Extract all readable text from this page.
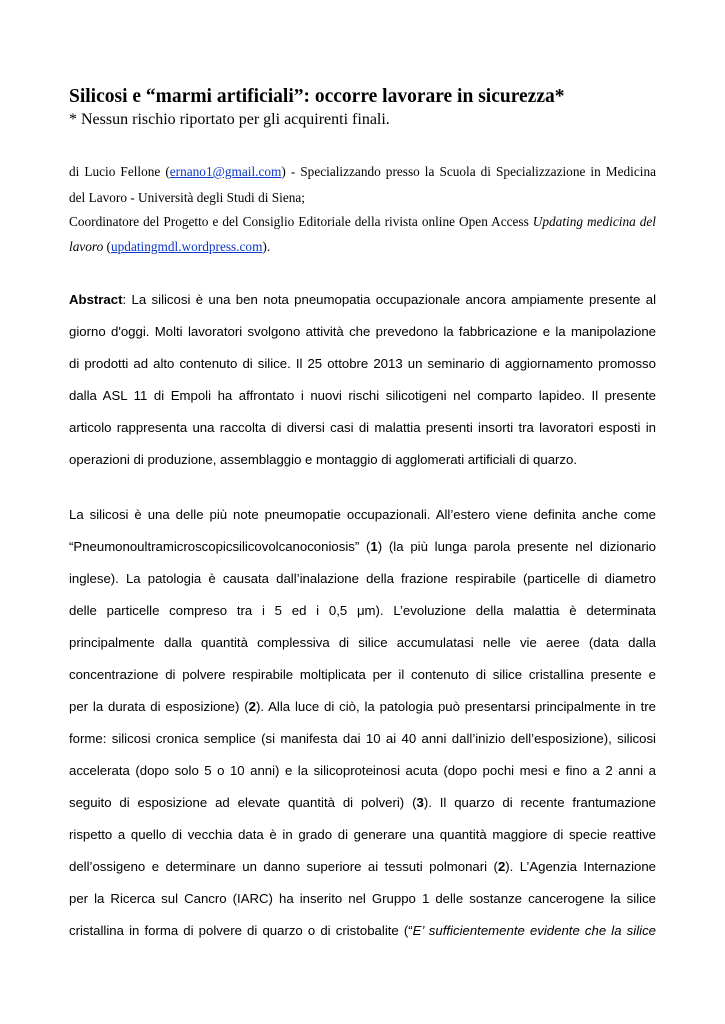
Silicosi e “marmi artificiali”: occorre lavorare in sicurezza*
* Nessun rischio riportato per gli acquirenti finali.
di Lucio Fellone (ernano1@gmail.com) - Specializzando presso la Scuola di Specializzazione in Medicina
del Lavoro - Università degli Studi di Siena;
Coordinatore del Progetto e del Consiglio Editoriale della rivista online Open Access Updating medicina del
lavoro (updatingmdl.wordpress.com).
Abstract: La silicosi è una ben nota pneumopatia occupazionale ancora ampiamente presente al
giorno d'oggi. Molti lavoratori svolgono attività che prevedono la fabbricazione e la manipolazione
di prodotti ad alto contenuto di silice. Il 25 ottobre 2013 un seminario di aggiornamento promosso
dalla ASL 11 di Empoli ha affrontato i nuovi rischi silicotigeni nel comparto lapideo. Il presente
articolo rappresenta una raccolta di diversi casi di malattia presenti insorti tra lavoratori esposti in
operazioni di produzione, assemblaggio e montaggio di agglomerati artificiali di quarzo.
La silicosi è una delle più note pneumopatie occupazionali. All’estero viene definita anche come
“Pneumonoultramicroscopicsilicovolcanoconiosis” (1) (la più lunga parola presente nel dizionario
inglese). La patologia è causata dall’inalazione della frazione respirabile (particelle di diametro
delle particelle compreso tra i 5 ed i 0,5 μm). L’evoluzione della malattia è determinata
principalmente dalla quantità complessiva di silice accumulatasi nelle vie aeree (data dalla
concentrazione di polvere respirabile moltiplicata per il contenuto di silice cristallina presente e
per la durata di esposizione) (2). Alla luce di ciò, la patologia può presentarsi principalmente in tre
forme: silicosi cronica semplice (si manifesta dai 10 ai 40 anni dall’inizio dell’esposizione), silicosi
accelerata (dopo solo 5 o 10 anni) e la silicoproteinosi acuta (dopo pochi mesi e fino a 2 anni a
seguito di esposizione ad elevate quantità di polveri) (3). Il quarzo di recente frantumazione
rispetto a quello di vecchia data è in grado di generare una quantità maggiore di specie reattive
dell’ossigeno e determinare un danno superiore ai tessuti polmonari (2). L’Agenzia Internazione
per la Ricerca sul Cancro (IARC) ha inserito nel Gruppo 1 delle sostanze cancerogene la silice
cristallina in forma di polvere di quarzo o di cristobalite (“E’ sufficientemente evidente che la silice
